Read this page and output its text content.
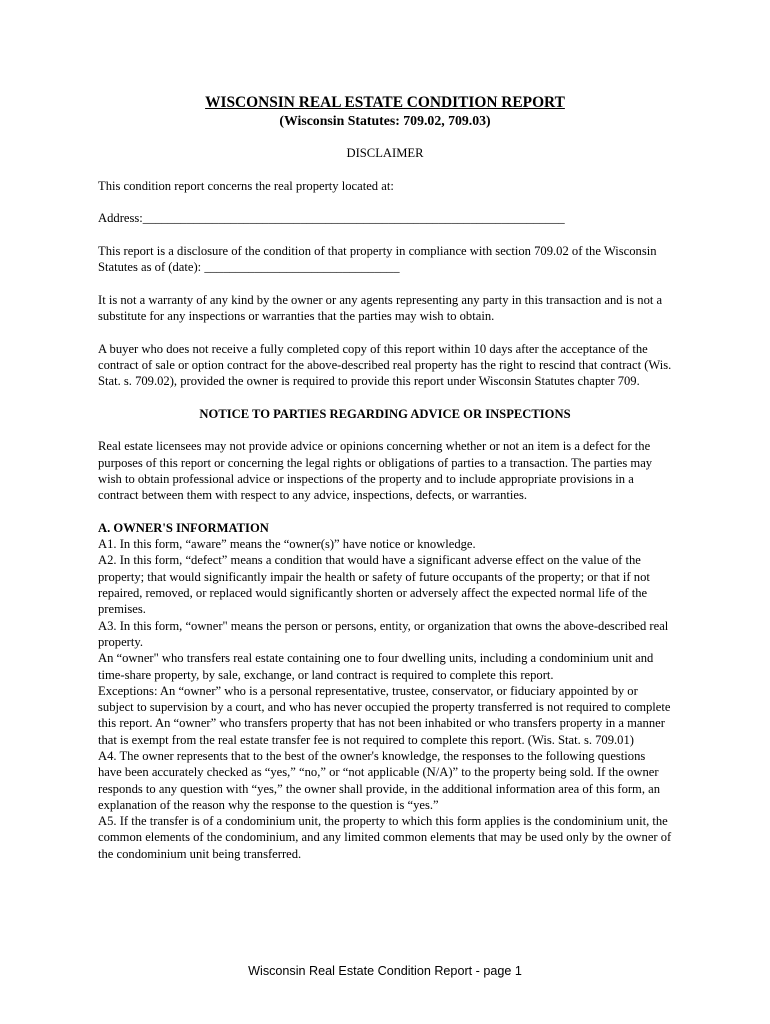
WISCONSIN REAL ESTATE CONDITION REPORT

(Wisconsin Statutes: 709.02, 709.03)

DISCLAIMER

This condition report concerns the real property located at:

Address:___________________________________________________________________

This report is a disclosure of the condition of that property in compliance with section 709.02 of the Wisconsin Statutes as of (date): _______________________________

It is not a warranty of any kind by the owner or any agents representing any party in this transaction and is not a substitute for any inspections or warranties that the parties may wish to obtain.

A buyer who does not receive a fully completed copy of this report within 10 days after the acceptance of the contract of sale or option contract for the above-described real property has the right to rescind that contract (Wis. Stat. s. 709.02), provided the owner is required to provide this report under Wisconsin Statutes chapter 709.

NOTICE TO PARTIES REGARDING ADVICE OR INSPECTIONS

Real estate licensees may not provide advice or opinions concerning whether or not an item is a defect for the purposes of this report or concerning the legal rights or obligations of parties to a transaction. The parties may wish to obtain professional advice or inspections of the property and to include appropriate provisions in a contract between them with respect to any advice, inspections, defects, or warranties.

A. OWNER'S INFORMATION

A1. In this form, “aware” means the “owner(s)” have notice or knowledge.

A2. In this form, “defect” means a condition that would have a significant adverse effect on the value of the property; that would significantly impair the health or safety of future occupants of the property; or that if not repaired, removed, or replaced would significantly shorten or adversely affect the expected normal life of the premises.

A3. In this form, “owner" means the person or persons, entity, or organization that owns the above-described real property.

An “owner" who transfers real estate containing one to four dwelling units, including a condominium unit and time-share property, by sale, exchange, or land contract is required to complete this report.

Exceptions: An “owner” who is a personal representative, trustee, conservator, or fiduciary appointed by or subject to supervision by a court, and who has never occupied the property transferred is not required to complete this report. An “owner” who transfers property that has not been inhabited or who transfers property in a manner that is exempt from the real estate transfer fee is not required to complete this report. (Wis. Stat. s. 709.01)

A4. The owner represents that to the best of the owner's knowledge, the responses to the following questions have been accurately checked as “yes,” “no,” or “not applicable (N/A)” to the property being sold. If the owner responds to any question with “yes,” the owner shall provide, in the additional information area of this form, an explanation of the reason why the response to the question is “yes.”

A5. If the transfer is of a condominium unit, the property to which this form applies is the condominium unit, the common elements of the condominium, and any limited common elements that may be used only by the owner of the condominium unit being transferred.

Wisconsin Real Estate Condition Report - page 1
